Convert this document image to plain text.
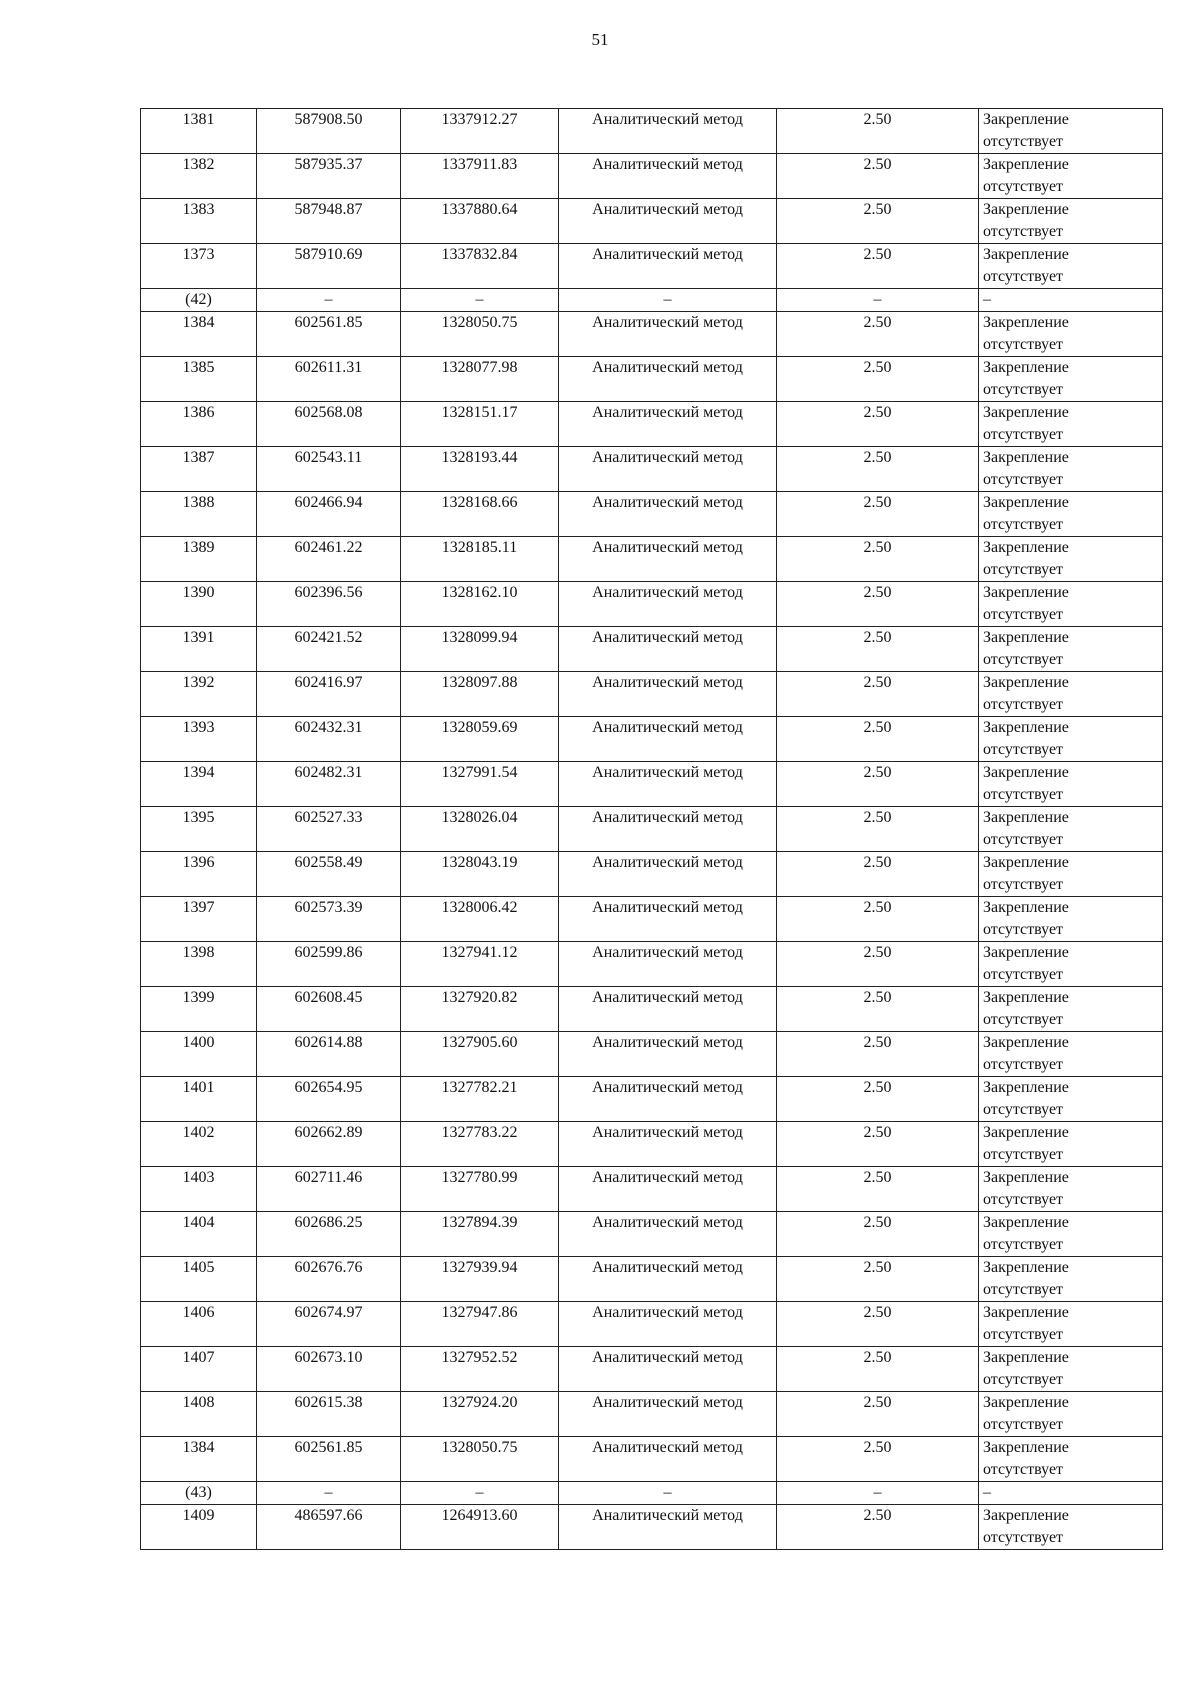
51
1381	587908.50	1337912.27	Аналитический метод	2.50	Закрепление
отсутствует

1382	587935.37	1337911.83	Аналитический метод	2.50	Закрепление
отсутствует

1383	587948.87	1337880.64	Аналитический метод	2.50	Закрепление
отсутствует

1373	587910.69	1337832.84	Аналитический метод	2.50	Закрепление
отсутствует

(42)	–	–	–	–	–

1384	602561.85	1328050.75	Аналитический метод	2.50	Закрепление
отсутствует

1385	602611.31	1328077.98	Аналитический метод	2.50	Закрепление
отсутствует

1386	602568.08	1328151.17	Аналитический метод	2.50	Закрепление
отсутствует

1387	602543.11	1328193.44	Аналитический метод	2.50	Закрепление
отсутствует

1388	602466.94	1328168.66	Аналитический метод	2.50	Закрепление
отсутствует

1389	602461.22	1328185.11	Аналитический метод	2.50	Закрепление
отсутствует

1390	602396.56	1328162.10	Аналитический метод	2.50	Закрепление
отсутствует

1391	602421.52	1328099.94	Аналитический метод	2.50	Закрепление
отсутствует

1392	602416.97	1328097.88	Аналитический метод	2.50	Закрепление
отсутствует

1393	602432.31	1328059.69	Аналитический метод	2.50	Закрепление
отсутствует

1394	602482.31	1327991.54	Аналитический метод	2.50	Закрепление
отсутствует

1395	602527.33	1328026.04	Аналитический метод	2.50	Закрепление
отсутствует

1396	602558.49	1328043.19	Аналитический метод	2.50	Закрепление
отсутствует

1397	602573.39	1328006.42	Аналитический метод	2.50	Закрепление
отсутствует

1398	602599.86	1327941.12	Аналитический метод	2.50	Закрепление
отсутствует

1399	602608.45	1327920.82	Аналитический метод	2.50	Закрепление
отсутствует

1400	602614.88	1327905.60	Аналитический метод	2.50	Закрепление
отсутствует

1401	602654.95	1327782.21	Аналитический метод	2.50	Закрепление
отсутствует

1402	602662.89	1327783.22	Аналитический метод	2.50	Закрепление
отсутствует

1403	602711.46	1327780.99	Аналитический метод	2.50	Закрепление
отсутствует

1404	602686.25	1327894.39	Аналитический метод	2.50	Закрепление
отсутствует

1405	602676.76	1327939.94	Аналитический метод	2.50	Закрепление
отсутствует

1406	602674.97	1327947.86	Аналитический метод	2.50	Закрепление
отсутствует

1407	602673.10	1327952.52	Аналитический метод	2.50	Закрепление
отсутствует

1408	602615.38	1327924.20	Аналитический метод	2.50	Закрепление
отсутствует

1384	602561.85	1328050.75	Аналитический метод	2.50	Закрепление
отсутствует

(43)	–	–	–	–	–

1409	486597.66	1264913.60	Аналитический метод	2.50	Закрепление
отсутствует
